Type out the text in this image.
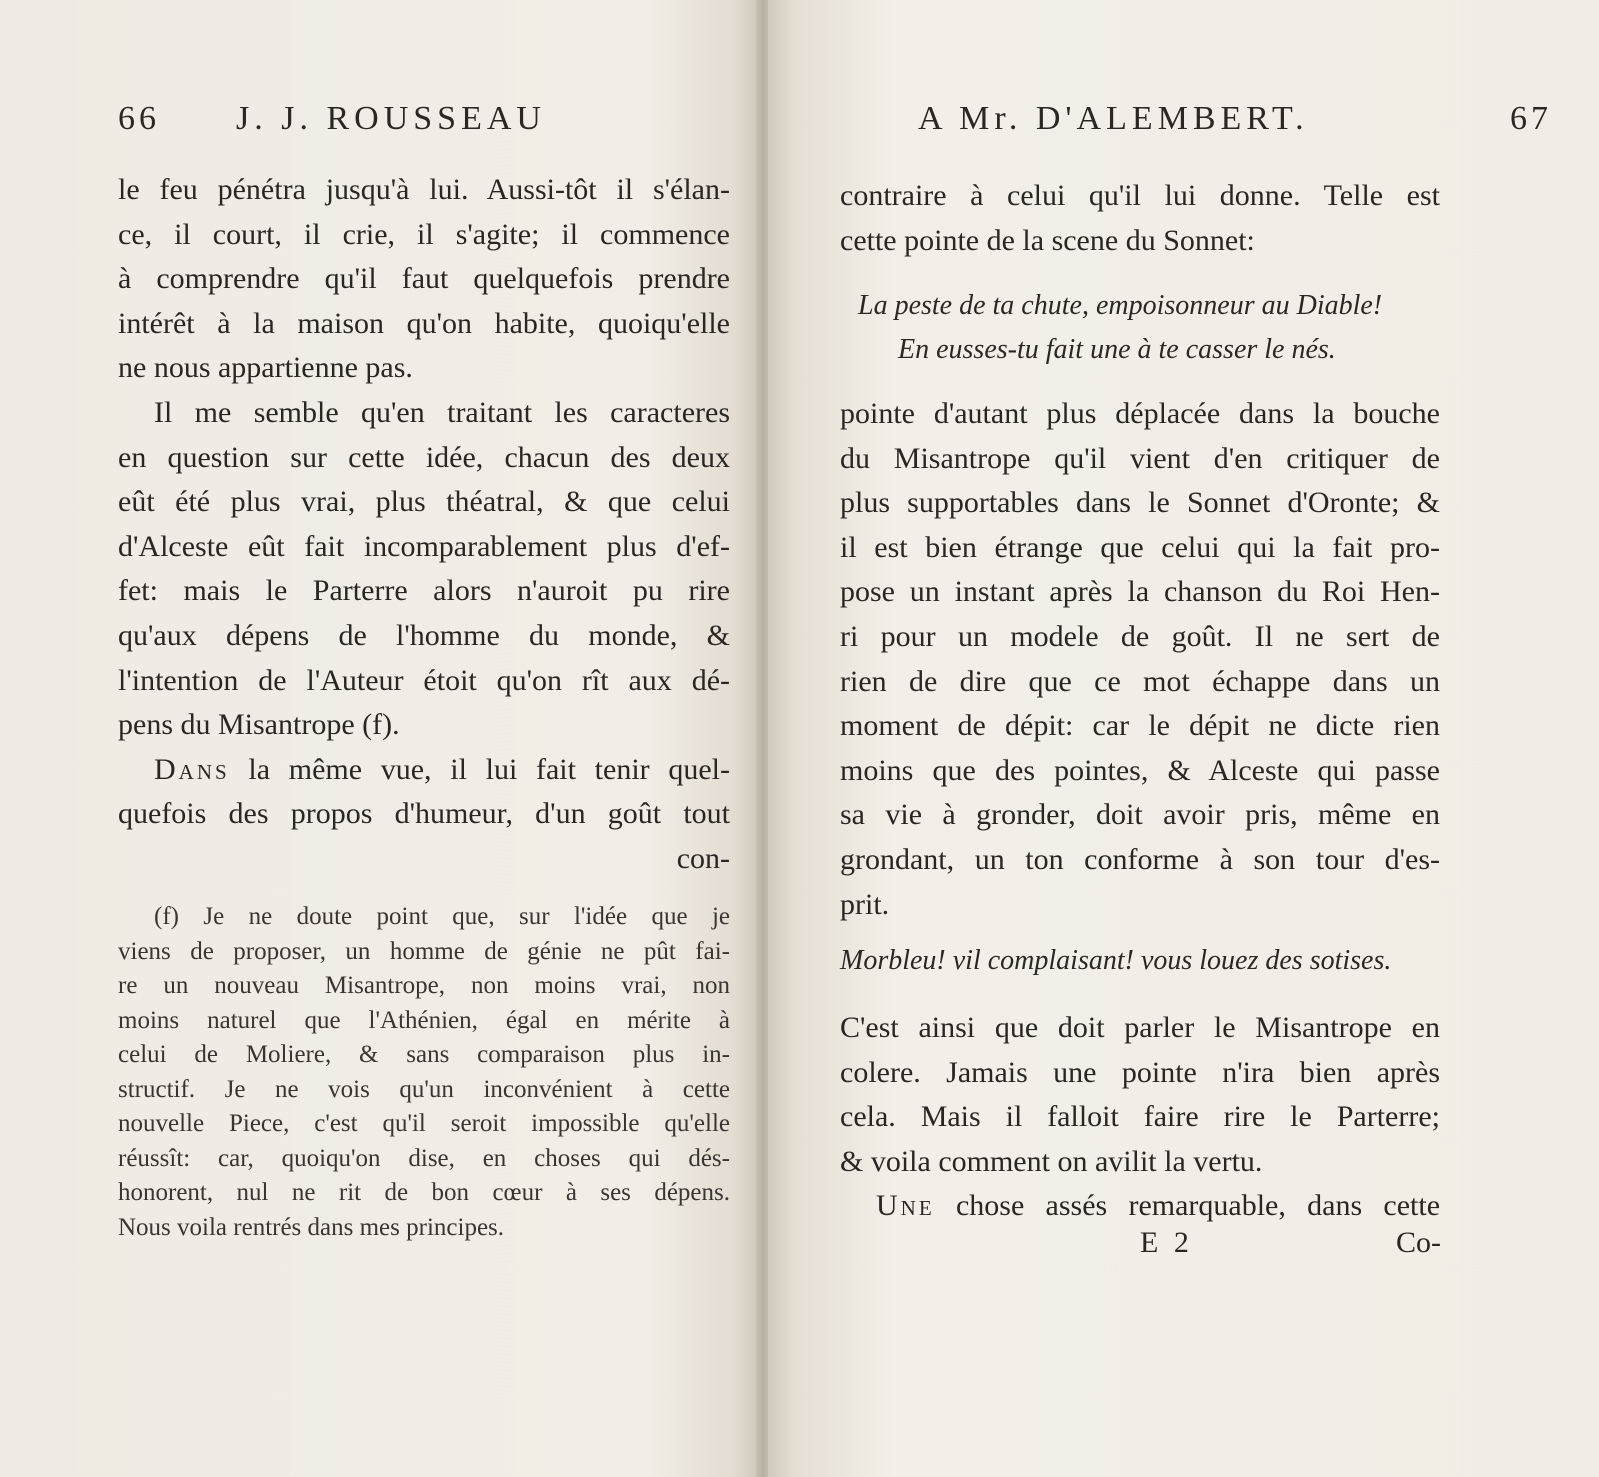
66 J. J. ROUSSEAU
le feu pénétra jusqu'à lui. Aussi-tôt il s'élan-
ce, il court, il crie, il s'agite; il commence
à comprendre qu'il faut quelquefois prendre
intérêt à la maison qu'on habite, quoiqu'elle
ne nous appartienne pas.
Il me semble qu'en traitant les caracteres
en question sur cette idée, chacun des deux
eût été plus vrai, plus théatral, & que celui
d'Alceste eût fait incomparablement plus d'ef-
fet: mais le Parterre alors n'auroit pu rire
qu'aux dépens de l'homme du monde, &
l'intention de l'Auteur étoit qu'on rît aux dé-
pens du Misantrope (f).
Dans la même vue, il lui fait tenir quel-
quefois des propos d'humeur, d'un goût tout
con-
(f) Je ne doute point que, sur l'idée que je
viens de proposer, un homme de génie ne pût fai-
re un nouveau Misantrope, non moins vrai, non
moins naturel que l'Athénien, égal en mérite à
celui de Moliere, & sans comparaison plus in-
structif. Je ne vois qu'un inconvénient à cette
nouvelle Piece, c'est qu'il seroit impossible qu'elle
réussît: car, quoiqu'on dise, en choses qui dés-
honorent, nul ne rit de bon cœur à ses dépens.
Nous voila rentrés dans mes principes.
A Mr. D'ALEMBERT.	67
contraire à celui qu'il lui donne. Telle est
cette pointe de la scene du Sonnet:
La peste de ta chute, empoisonneur au Diable!
En eusses-tu fait une à te casser le nés.
pointe d'autant plus déplacée dans la bouche
du Misantrope qu'il vient d'en critiquer de
plus supportables dans le Sonnet d'Oronte; &
il est bien étrange que celui qui la fait pro-
pose un instant après la chanson du Roi Hen-
ri pour un modele de goût. Il ne sert de
rien de dire que ce mot échappe dans un
moment de dépit: car le dépit ne dicte rien
moins que des pointes, & Alceste qui passe
sa vie à gronder, doit avoir pris, même en
grondant, un ton conforme à son tour d'es-
prit.
Morbleu! vil complaisant! vous louez des sotises.
C'est ainsi que doit parler le Misantrope en
colere. Jamais une pointe n'ira bien après
cela. Mais il falloit faire rire le Parterre;
& voila comment on avilit la vertu.
Une chose assés remarquable, dans cette
E 2	Co-
